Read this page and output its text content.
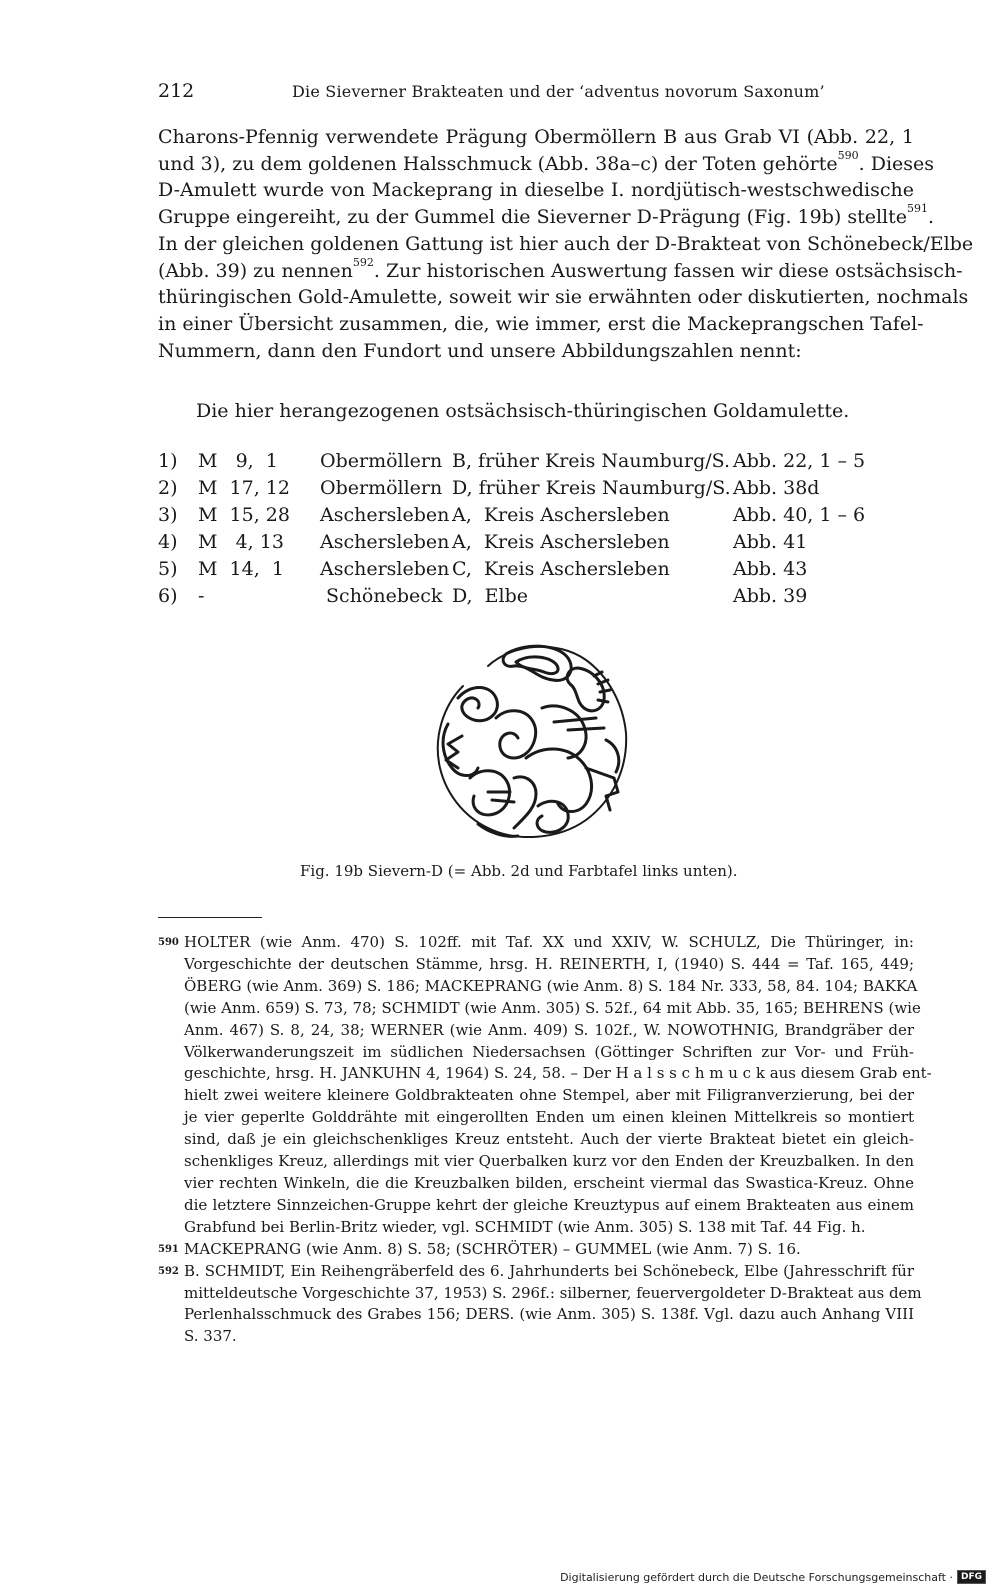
212	Die Sieverner Brakteaten und der ‘adventus novorum Saxonum’
Charons-Pfennig verwendete Prägung Obermöllern B aus Grab VI (Abb. 22, 1
und 3), zu dem goldenen Halsschmuck (Abb. 38a–c) der Toten gehörte$^{590}$. Dieses
D-Amulett wurde von Mackeprang in dieselbe I. nordjütisch-westschwedische
Gruppe eingereiht, zu der Gummel die Sieverner D-Prägung (Fig. 19b) stellte$^{591}$.
In der gleichen goldenen Gattung ist hier auch der D-Brakteat von Schönebeck/Elbe
(Abb. 39) zu nennen$^{592}$. Zur historischen Auswertung fassen wir diese ostsächsisch-
thüringischen Gold-Amulette, soweit wir sie erwähnten oder diskutierten, nochmals
in einer Übersicht zusammen, die, wie immer, erst die Mackeprangschen Tafel-
Nummern, dann den Fundort und unsere Abbildungszahlen nennt:
Die hier herangezogenen ostsächsisch-thüringischen Goldamulette.
1) M   9,  1 Obermöllern B, früher Kreis Naumburg/S. Abb. 22, 1 – 5
2) M  17, 12 Obermöllern D, früher Kreis Naumburg/S. Abb. 38d
3) M  15, 28 Aschersleben A,  Kreis Aschersleben	Abb. 40, 1 – 6
4) M   4, 13 Aschersleben A,  Kreis Aschersleben	Abb. 41
5) M  14,  1 Aschersleben C,  Kreis Aschersleben	Abb. 43
6) -	Schönebeck D,  Elbe	Abb. 39
Fig. 19b Sievern-D (= Abb. 2d und Farbtafel links unten).
590 HOLTER (wie Anm. 470) S. 102ff. mit Taf. XX und XXIV, W. SCHULZ, Die Thüringer, in:
Vorgeschichte der deutschen Stämme, hrsg. H. REINERTH, I, (1940) S. 444 = Taf. 165, 449;
ÖBERG (wie Anm. 369) S. 186; MACKEPRANG (wie Anm. 8) S. 184 Nr. 333, 58, 84. 104; BAKKA
(wie Anm. 659) S. 73, 78; SCHMIDT (wie Anm. 305) S. 52f., 64 mit Abb. 35, 165; BEHRENS (wie
Anm. 467) S. 8, 24, 38; WERNER (wie Anm. 409) S. 102f., W. NOWOTHNIG, Brandgräber der
Völkerwanderungszeit im südlichen Niedersachsen (Göttinger Schriften zur Vor- und Früh-
geschichte, hrsg. H. JANKUHN 4, 1964) S. 24, 58. – Der H a l s s c h m u c k aus diesem Grab ent-
hielt zwei weitere kleinere Goldbrakteaten ohne Stempel, aber mit Filigranverzierung, bei der
je vier geperlte Golddrähte mit eingerollten Enden um einen kleinen Mittelkreis so montiert
sind, daß je ein gleichschenkliges Kreuz entsteht. Auch der vierte Brakteat bietet ein gleich-
schenkliges Kreuz, allerdings mit vier Querbalken kurz vor den Enden der Kreuzbalken. In den
vier rechten Winkeln, die die Kreuzbalken bilden, erscheint viermal das Swastica-Kreuz. Ohne
die letztere Sinnzeichen-Gruppe kehrt der gleiche Kreuztypus auf einem Brakteaten aus einem
Grabfund bei Berlin-Britz wieder, vgl. SCHMIDT (wie Anm. 305) S. 138 mit Taf. 44 Fig. h.
591 MACKEPRANG (wie Anm. 8) S. 58; (SCHRÖTER) – GUMMEL (wie Anm. 7) S. 16.
592 B. SCHMIDT, Ein Reihengräberfeld des 6. Jahrhunderts bei Schönebeck, Elbe (Jahresschrift für
mitteldeutsche Vorgeschichte 37, 1953) S. 296f.: silberner, feuervergoldeter D-Brakteat aus dem
Perlenhalsschmuck des Grabes 156; DERS. (wie Anm. 305) S. 138f. Vgl. dazu auch Anhang VIII
S. 337.
Digitalisierung gefördert durch die Deutsche Forschungsgemeinschaft · DFG
